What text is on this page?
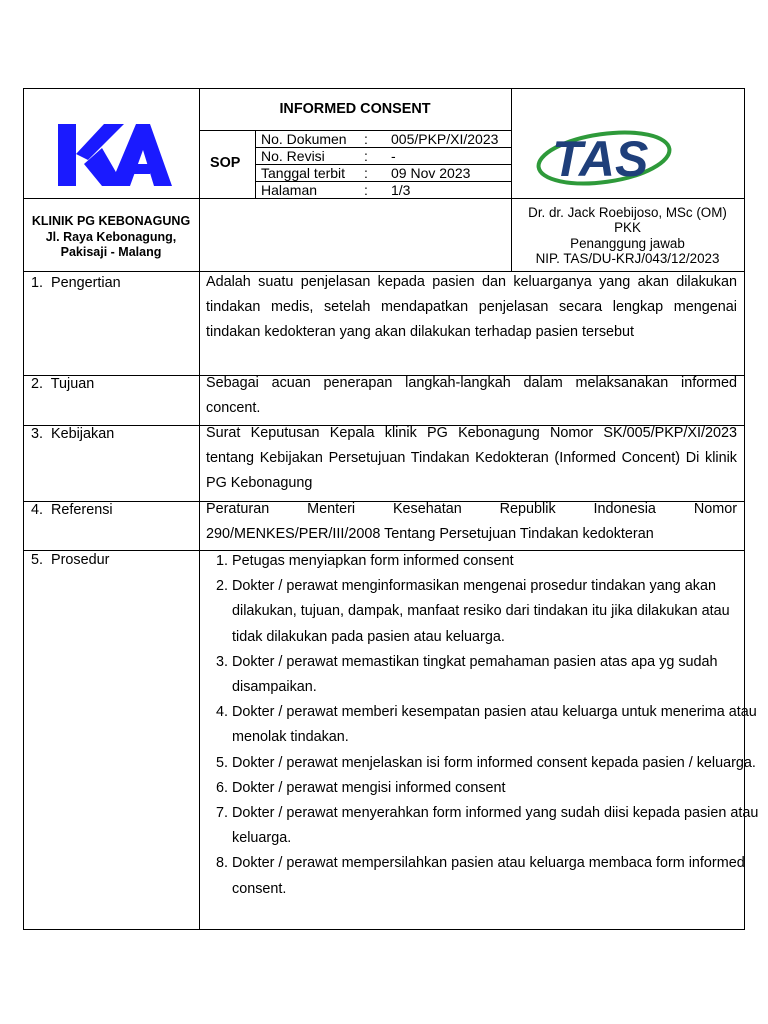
TAS
INFORMED CONSENT
SOP
No. Dokumen : 005/PKP/XI/2023
No. Revisi	: -
Tanggal terbit : 09 Nov 2023
Halaman	: 1/3
KLINIK PG KEBONAGUNG
Jl. Raya Kebonagung,
Pakisaji - Malang
Dr. dr. Jack Roebijoso, MSc (OM)
PKK
Penanggung jawab
NIP. TAS/DU-KRJ/043/12/2023
1.  Pengertian
2.  Tujuan
3.  Kebijakan
4.  Referensi
5.  Prosedur
Adalah suatu penjelasan kepada pasien dan keluarganya yang akan dilakukan tindakan medis, setelah mendapatkan penjelasan secara lengkap mengenai tindakan kedokteran yang akan dilakukan terhadap pasien tersebut
Sebagai acuan penerapan langkah-langkah dalam melaksanakan informed concent.
Surat Keputusan Kepala klinik PG Kebonagung Nomor SK/005/PKP/XI/2023 tentang Kebijakan Persetujuan Tindakan Kedokteran (Informed Concent) Di klinik PG Kebonagung
Peraturan Menteri Kesehatan Republik Indonesia Nomor
290/MENKES/PER/III/2008 Tentang Persetujuan Tindakan kedokteran
1. Petugas menyiapkan form informed consent
2. Dokter / perawat menginformasikan mengenai prosedur tindakan yang akan dilakukan, tujuan, dampak, manfaat resiko dari tindakan itu jika dilakukan atau tidak dilakukan pada pasien atau keluarga.
3. Dokter / perawat memastikan tingkat pemahaman pasien atas apa yg sudah disampaikan.
4. Dokter / perawat memberi kesempatan pasien atau keluarga untuk menerima atau menolak tindakan.
5. Dokter / perawat menjelaskan isi form informed consent kepada pasien / keluarga.
6. Dokter / perawat mengisi informed consent
7. Dokter / perawat menyerahkan form informed yang sudah diisi kepada pasien atau keluarga.
8. Dokter / perawat mempersilahkan pasien atau keluarga membaca form informed consent.
